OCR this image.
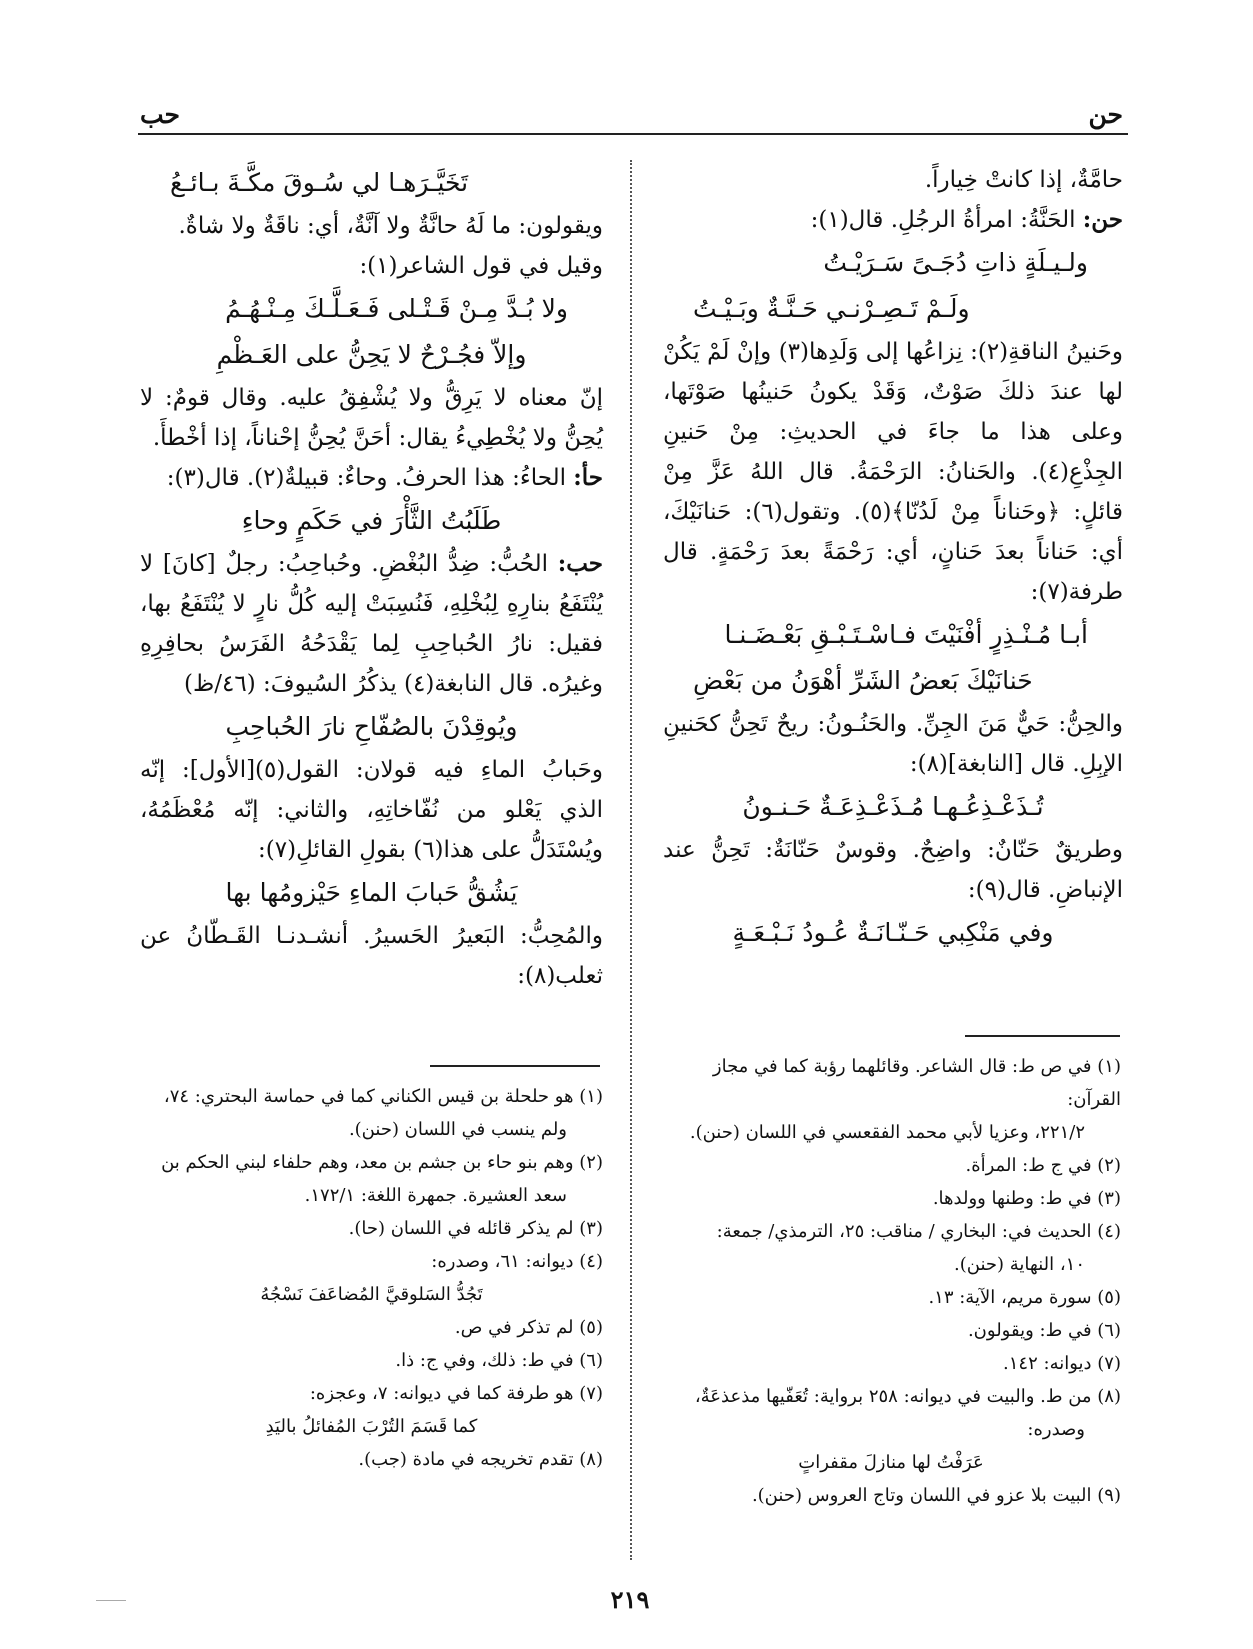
حن
حب

حامَّةٌ، إذا كانتْ خِياراً.

حن: الحَنَّةُ: امرأةُ الرجُلِ. قال(١):

ولـيـلَةٍ ذاتِ دُجَـىً سَـرَيْـتُ

ولَـمْ تَـصِـرْنـي حَـنَّـةٌ وبَـيْـتُ

وحَنينُ الناقةِ(٢): نِزاعُها إلى وَلَدِها(٣) وإنْ لَمْ يَكُنْ لها عندَ ذلكَ صَوْتٌ، وَقَدْ يكونُ حَنينُها صَوْتَها، وعلى هذا ما جاءَ في الحديثِ: مِنْ حَنينِ الجِذْعِ(٤). والحَنانُ: الرَحْمَةُ. قال اللهُ عَزَّ مِنْ قائلٍ: ﴿وحَناناً مِنْ لَدُنّا﴾(٥). وتقول(٦): حَنانَيْكَ، أي: حَناناً بعدَ حَنانٍ، أي: رَحْمَةً بعدَ رَحْمَةٍ. قال طرفة(٧):

أبـا مُـنْـذِرٍ أفْنَيْتَ فـاسْـتَـبْـقِ بَعْـضَـنـا

حَنانَيْكَ بَعضُ الشَرِّ أهْوَنُ من بَعْضِ

والحِنُّ: حَيٌّ مَنَ الجِنِّ. والحَنُـونُ: ريحٌ تَحِنُّ كحَنينِ الإبِلِ. قال [النابغة](٨):

تُـذَعْـذِعُـهـا مُـذَعْـذِعَـةٌ حَـنـونُ

وطريقٌ حَنّانٌ: واضِحٌ. وقوسٌ حَنّانَةٌ: تَحِنُّ عند الإنباضِ. قال(٩):

وفي مَنْكِبي حَـنّـانَـةٌ عُـودُ نَـبْـعَـةٍ

تَخَيَّـرَهـا لي سُـوقَ مكَّـةَ بـائـعُ

ويقولون: ما لَهُ حانَّةٌ ولا آنَّةٌ، أي: ناقَةٌ ولا شاةٌ.

وقيل في قول الشاعر(١):

ولا بُـدَّ مِـنْ قَـتْـلى فَـعَـلَّـكَ مِـنْـهُـمُ

وإلاّ فجُـرْحٌ لا يَحِنُّ على العَـظْمِ

إنّ معناه لا يَرِقُّ ولا يُشْفِقُ عليه. وقال قومٌ: لا يُحِنُّ ولا يُخْطِيءُ يقال: أحَنَّ يُحِنُّ إحْناناً، إذا أخْطأَ.

حأ: الحاءُ: هذا الحرفُ. وحاءٌ: قبيلةٌ(٢). قال(٣):

طَلَبُتُ الثَّأْرَ في حَكَمٍ وحاءِ

حب: الحُبُّ: ضِدُّ البُغْضِ. وحُباحِبُ: رجلٌ [كانَ] لا يُنْتَفَعُ بنارِهِ لِبُخْلِهِ، فَنُسِبَتْ إليه كُلُّ نارٍ لا يُنْتَفَعُ بها، فقيل: نارُ الحُباحِبِ لِما يَقْدَحُهُ الفَرَسُ بحافِرِهِ وغيرُه. قال النابغة(٤) يذكُرُ السُيوفَ: (٤٦/ظ)

ويُوقِدْنَ بالصُفّاحِ نارَ الحُباحِبِ

وحَبابُ الماءِ فيه قولان: القول(٥)[الأول]: إنّه الذي يَعْلو من نُفّاخاتِهِ، والثاني: إنّه مُعْظَمُهُ، ويُسْتَدَلُّ على هذا(٦) بقولِ القائلِ(٧):

يَشُقُّ حَبابَ الماءِ حَيْزومُها بها

والمُحِبُّ: البَعيرُ الحَسيرُ. أنشـدنـا القَـطّانُ عن ثعلب(٨):

(١) في ص ط: قال الشاعر. وقائلهما رؤبة كما في مجاز القرآن:

٢٢١/٢، وعزيا لأبي محمد الفقعسي في اللسان (حنن).

(٢) في ج ط: المرأة.

(٣) في ط: وطنها وولدها.

(٤) الحديث في: البخاري / مناقب: ٢٥، الترمذي/ جمعة:

١٠، النهاية (حنن).

(٥) سورة مريم، الآية: ١٣.

(٦) في ط: ويقولون.

(٧) ديوانه: ١٤٢.

(٨) من ط. والبيت في ديوانه: ٢٥٨ برواية: تُعَفّيها مذعذعَةٌ،

وصدره:

عَرَفْتُ لها منازلَ مقفراتٍ

(٩) البيت بلا عزو في اللسان وتاج العروس (حنن).

(١) هو حلحلة بن قيس الكناني كما في حماسة البحتري: ٧٤،

ولم ينسب في اللسان (حنن).

(٢) وهم بنو حاء بن جشم بن معد، وهم حلفاء لبني الحكم بن

سعد العشيرة. جمهرة اللغة: ١٧٢/١.

(٣) لم يذكر قائله في اللسان (حا).

(٤) ديوانه: ٦١، وصدره:

تَجُدُّ السَلوقيَّ المُضاعَفَ نَسْجُهُ

(٥) لم تذكر في ص.

(٦) في ط: ذلك، وفي ج: ذا.

(٧) هو طرفة كما في ديوانه: ٧، وعجزه:

كما قَسَمَ التُرْبَ المُفائلُ باليَدِ

(٨) تقدم تخريجه في مادة (جب).

٢١٩
